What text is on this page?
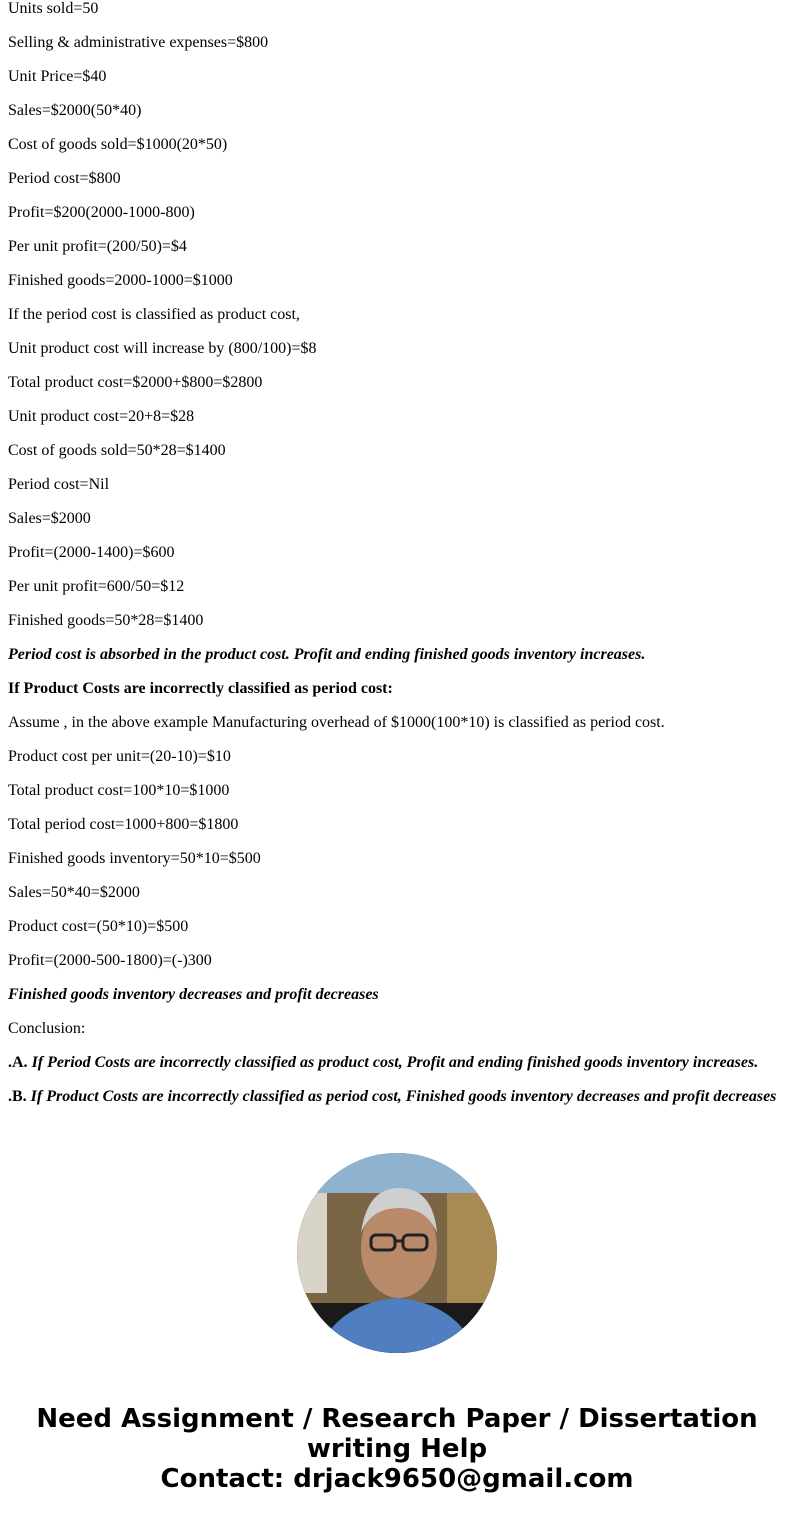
Units sold=50

Selling & administrative expenses=$800

Unit Price=$40

Sales=$2000(50*40)

Cost of goods sold=$1000(20*50)

Period cost=$800

Profit=$200(2000-1000-800)

Per unit profit=(200/50)=$4

Finished goods=2000-1000=$1000

If the period cost is classified as product cost,

Unit product cost will increase by (800/100)=$8

Total product cost=$2000+$800=$2800

Unit product cost=20+8=$28

Cost of goods sold=50*28=$1400

Period cost=Nil

Sales=$2000

Profit=(2000-1400)=$600

Per unit profit=600/50=$12

Finished goods=50*28=$1400

Period cost is absorbed in the product cost. Profit and ending finished goods inventory increases.

If Product Costs are incorrectly classified as period cost:

Assume , in the above example Manufacturing overhead of $1000(100*10) is classified as period cost.

Product cost per unit=(20-10)=$10

Total product cost=100*10=$1000

Total period cost=1000+800=$1800

Finished goods inventory=50*10=$500

Sales=50*40=$2000

Product cost=(50*10)=$500

Profit=(2000-500-1800)=(-)300

Finished goods inventory decreases and profit decreases

Conclusion:

.A. If Period Costs are incorrectly classified as product cost, Profit and ending finished goods inventory increases.

.B. If Product Costs are incorrectly classified as period cost, Finished goods inventory decreases and profit decreases

Need Assignment / Research Paper / Dissertation
writing Help
Contact: drjack9650@gmail.com
